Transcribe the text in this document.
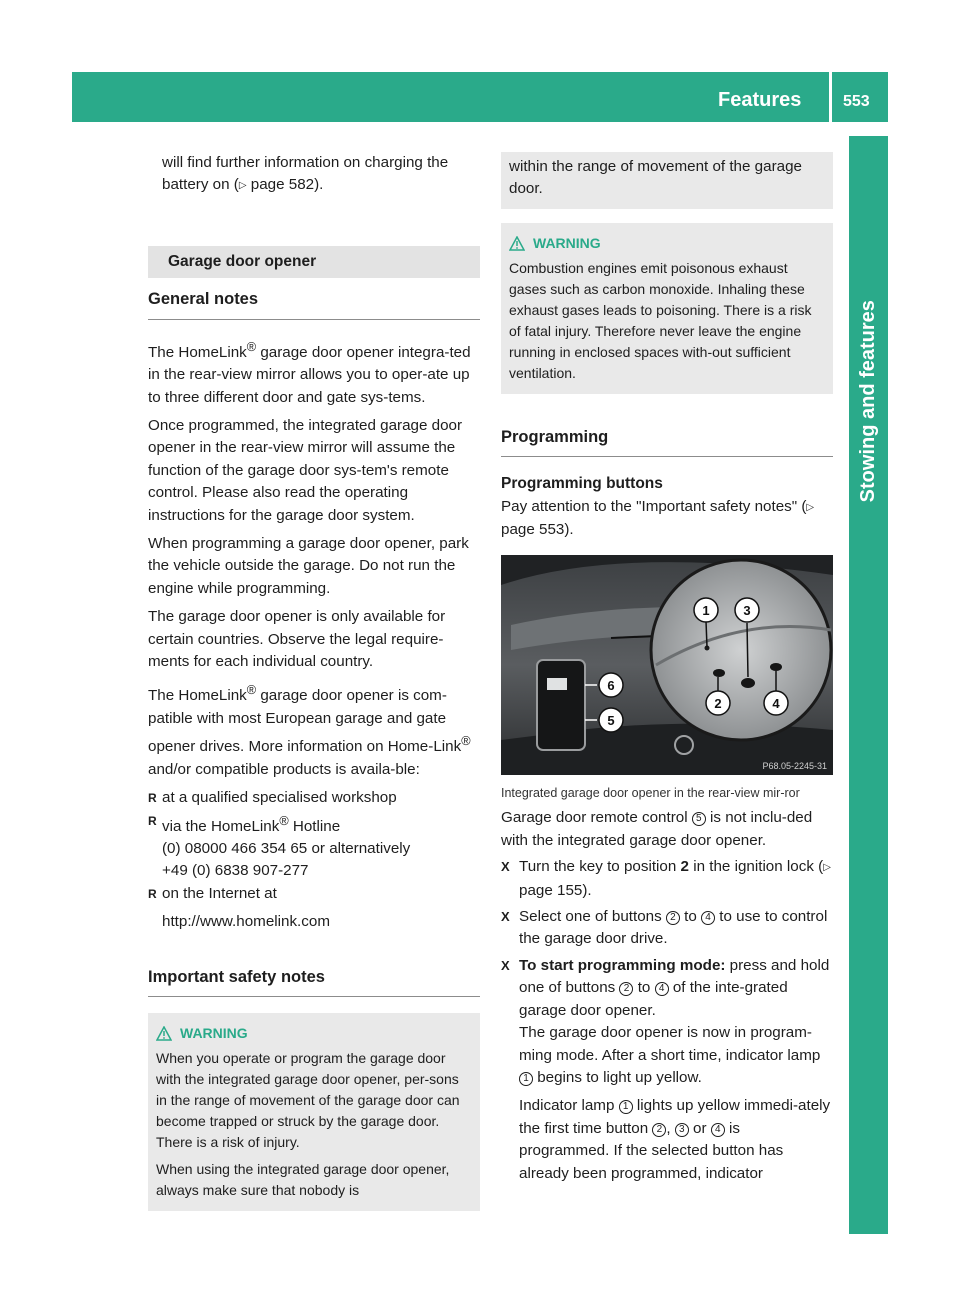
Features	553
Stowing and features

will find further information on charging the
battery on (▷ page 582).

Garage door opener
General notes

The HomeLink® garage door opener integra-ted in the rear-view mirror allows you to oper-ate up to three different door and gate sys-tems.

Once programmed, the integrated garage door opener in the rear-view mirror will assume the function of the garage door sys-tem's remote control. Please also read the operating instructions for the garage door system.

When programming a garage door opener, park the vehicle outside the garage. Do not run the engine while programming.

The garage door opener is only available for certain countries. Observe the legal require-ments for each individual country.

The HomeLink® garage door opener is com-patible with most European garage and gate opener drives. More information on Home-Link® and/or compatible products is availa-ble:

R at a qualified specialised workshop
R via the HomeLink® Hotline
(0) 08000 466 354 65 or alternatively
+49 (0) 6838 907-277
R on the Internet at

http://www.homelink.com

Important safety notes
WARNING

When you operate or program the garage door with the integrated garage door opener, per-sons in the range of movement of the garage door can become trapped or struck by the garage door. There is a risk of injury.

When using the integrated garage door opener, always make sure that nobody is

within the range of movement of the garage door.
WARNING

Combustion engines emit poisonous exhaust gases such as carbon monoxide. Inhaling these exhaust gases leads to poisoning. There is a risk of fatal injury. Therefore never leave the engine running in enclosed spaces with-out sufficient ventilation.

Programming
Programming buttons

Pay attention to the "Important safety notes" (▷ page 553).

1	3
2	4
6
5
P68.05-2245-31

Integrated garage door opener in the rear-view mir-ror

Garage door remote control 5 is not inclu-ded with the integrated garage door opener.

X Turn the key to position 2 in the ignition lock (▷ page 155).
X Select one of buttons 2 to 4 to use to control the garage door drive.
X To start programming mode: press and hold one of buttons 2 to 4 of the inte-grated garage door opener.
The garage door opener is now in program-ming mode. After a short time, indicator lamp 1 begins to light up yellow.
Indicator lamp 1 lights up yellow immedi-ately the first time button 2 , 3 or 4 is programmed. If the selected button has already been programmed, indicator
